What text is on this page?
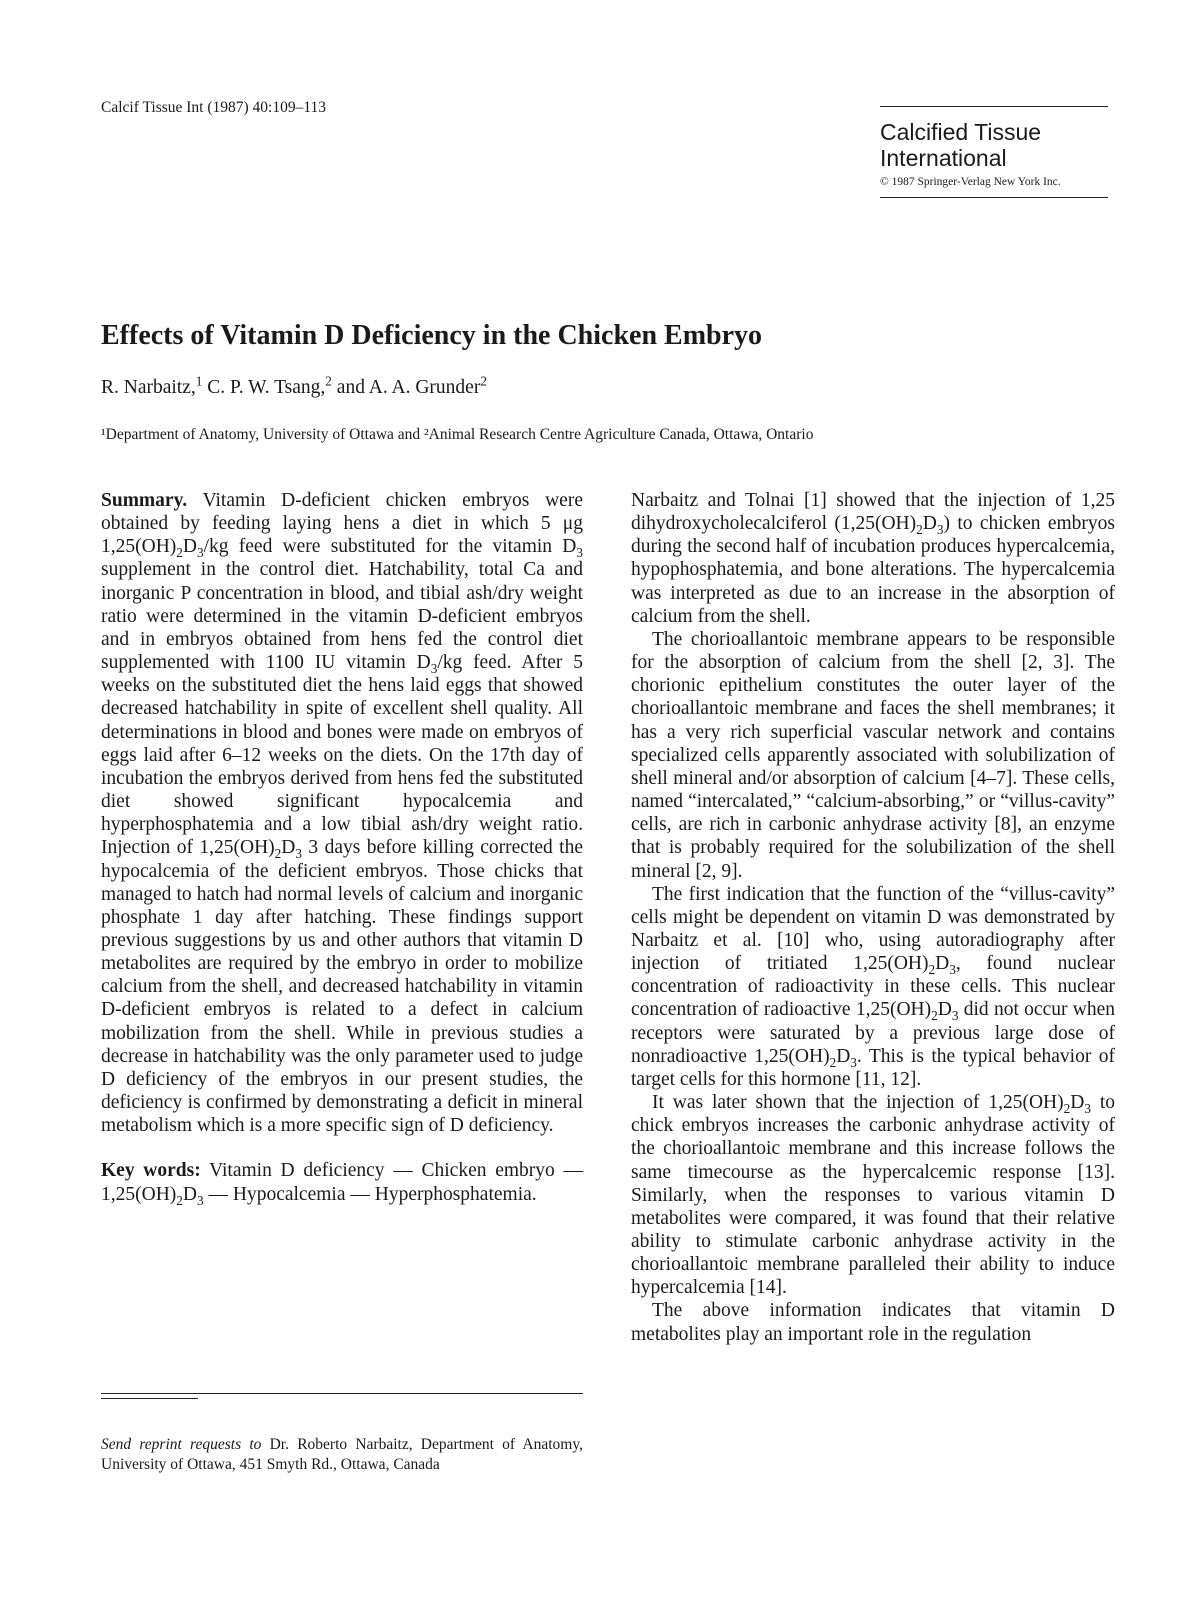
Calcif Tissue Int (1987) 40:109–113
Calcified Tissue
International
© 1987 Springer-Verlag New York Inc.
Effects of Vitamin D Deficiency in the Chicken Embryo
R. Narbaitz,$^1$ C. P. W. Tsang,$^2$ and A. A. Grunder$^2$
¹Department of Anatomy, University of Ottawa and ²Animal Research Centre Agriculture Canada, Ottawa, Ontario

Summary. Vitamin D-deficient chicken embryos were obtained by feeding laying hens a diet in which 5 μg $1,25(OH)_2D_3/kg$ feed were substituted for the vitamin $D_3$ supplement in the control diet. Hatchability, total Ca and inorganic P concentration in blood, and tibial ash/dry weight ratio were determined in the vitamin D-deficient embryos and in embryos obtained from hens fed the control diet supplemented with 1100 IU vitamin $D_3/kg$ feed. After 5 weeks on the substituted diet the hens laid eggs that showed decreased hatchability in spite of excellent shell quality. All determinations in blood and bones were made on embryos of eggs laid after 6–12 weeks on the diets. On the 17th day of incubation the embryos derived from hens fed the substituted diet showed significant hypocalcemia and hyperphosphatemia and a low tibial ash/dry weight ratio. Injection of $1,25(OH)_2D_3$ 3 days before killing corrected the hypocalcemia of the deficient embryos. Those chicks that managed to hatch had normal levels of calcium and inorganic phosphate 1 day after hatching. These findings support previous suggestions by us and other authors that vitamin D metabolites are required by the embryo in order to mobilize calcium from the shell, and decreased hatchability in vitamin D-deficient embryos is related to a defect in calcium mobilization from the shell. While in previous studies a decrease in hatchability was the only parameter used to judge D deficiency of the embryos in our present studies, the deficiency is confirmed by demonstrating a deficit in mineral metabolism which is a more specific sign of D deficiency.

Key words: Vitamin D deficiency — Chicken embryo — $1,25(OH)_2D_3$ — Hypocalcemia — Hyperphosphatemia.

Send reprint requests to Dr. Roberto Narbaitz, Department of Anatomy, University of Ottawa, 451 Smyth Rd., Ottawa, Canada

Narbaitz and Tolnai [1] showed that the injection of 1,25 dihydroxycholecalciferol $(1,25(OH)_2D_3)$ to chicken embryos during the second half of incubation produces hypercalcemia, hypophosphatemia, and bone alterations. The hypercalcemia was interpreted as due to an increase in the absorption of calcium from the shell.

The chorioallantoic membrane appears to be responsible for the absorption of calcium from the shell [2, 3]. The chorionic epithelium constitutes the outer layer of the chorioallantoic membrane and faces the shell membranes; it has a very rich superficial vascular network and contains specialized cells apparently associated with solubilization of shell mineral and/or absorption of calcium [4–7]. These cells, named “intercalated,” “calcium-absorbing,” or “villus-cavity” cells, are rich in carbonic anhydrase activity [8], an enzyme that is probably required for the solubilization of the shell mineral [2, 9].

The first indication that the function of the “villus-cavity” cells might be dependent on vitamin D was demonstrated by Narbaitz et al. [10] who, using autoradiography after injection of tritiated $1,25(OH)_2D_3$, found nuclear concentration of radioactivity in these cells. This nuclear concentration of radioactive $1,25(OH)_2D_3$ did not occur when receptors were saturated by a previous large dose of nonradioactive $1,25(OH)_2D_3$. This is the typical behavior of target cells for this hormone [11, 12].

It was later shown that the injection of $1,25(OH)_2D_3$ to chick embryos increases the carbonic anhydrase activity of the chorioallantoic membrane and this increase follows the same timecourse as the hypercalcemic response [13]. Similarly, when the responses to various vitamin D metabolites were compared, it was found that their relative ability to stimulate carbonic anhydrase activity in the chorioallantoic membrane paralleled their ability to induce hypercalcemia [14].

The above information indicates that vitamin D metabolites play an important role in the regulation
